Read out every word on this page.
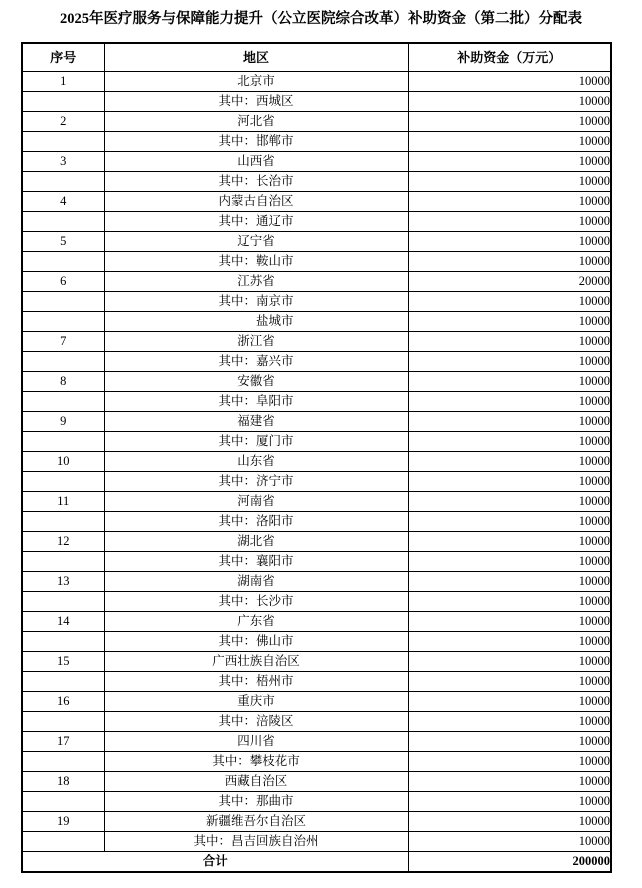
2025年医疗服务与保障能力提升（公立医院综合改革）补助资金（第二批）分配表
序号	地区	补助资金（万元）
1	北京市	10000
	其中：西城区	10000
2	河北省	10000
	其中：邯郸市	10000
3	山西省	10000
	其中：长治市	10000
4	内蒙古自治区	10000
	其中：通辽市	10000
5	辽宁省	10000
	其中：鞍山市	10000
6	江苏省	20000
	其中：南京市	10000
	盐城市	10000
7	浙江省	10000
	其中：嘉兴市	10000
8	安徽省	10000
	其中：阜阳市	10000
9	福建省	10000
	其中：厦门市	10000
10	山东省	10000
	其中：济宁市	10000
11	河南省	10000
	其中：洛阳市	10000
12	湖北省	10000
	其中：襄阳市	10000
13	湖南省	10000
	其中：长沙市	10000
14	广东省	10000
	其中：佛山市	10000
15	广西壮族自治区	10000
	其中：梧州市	10000
16	重庆市	10000
	其中：涪陵区	10000
17	四川省	10000
	其中：攀枝花市	10000
18	西藏自治区	10000
	其中：那曲市	10000
19	新疆维吾尔自治区	10000
	其中：昌吉回族自治州	10000
合计		200000
